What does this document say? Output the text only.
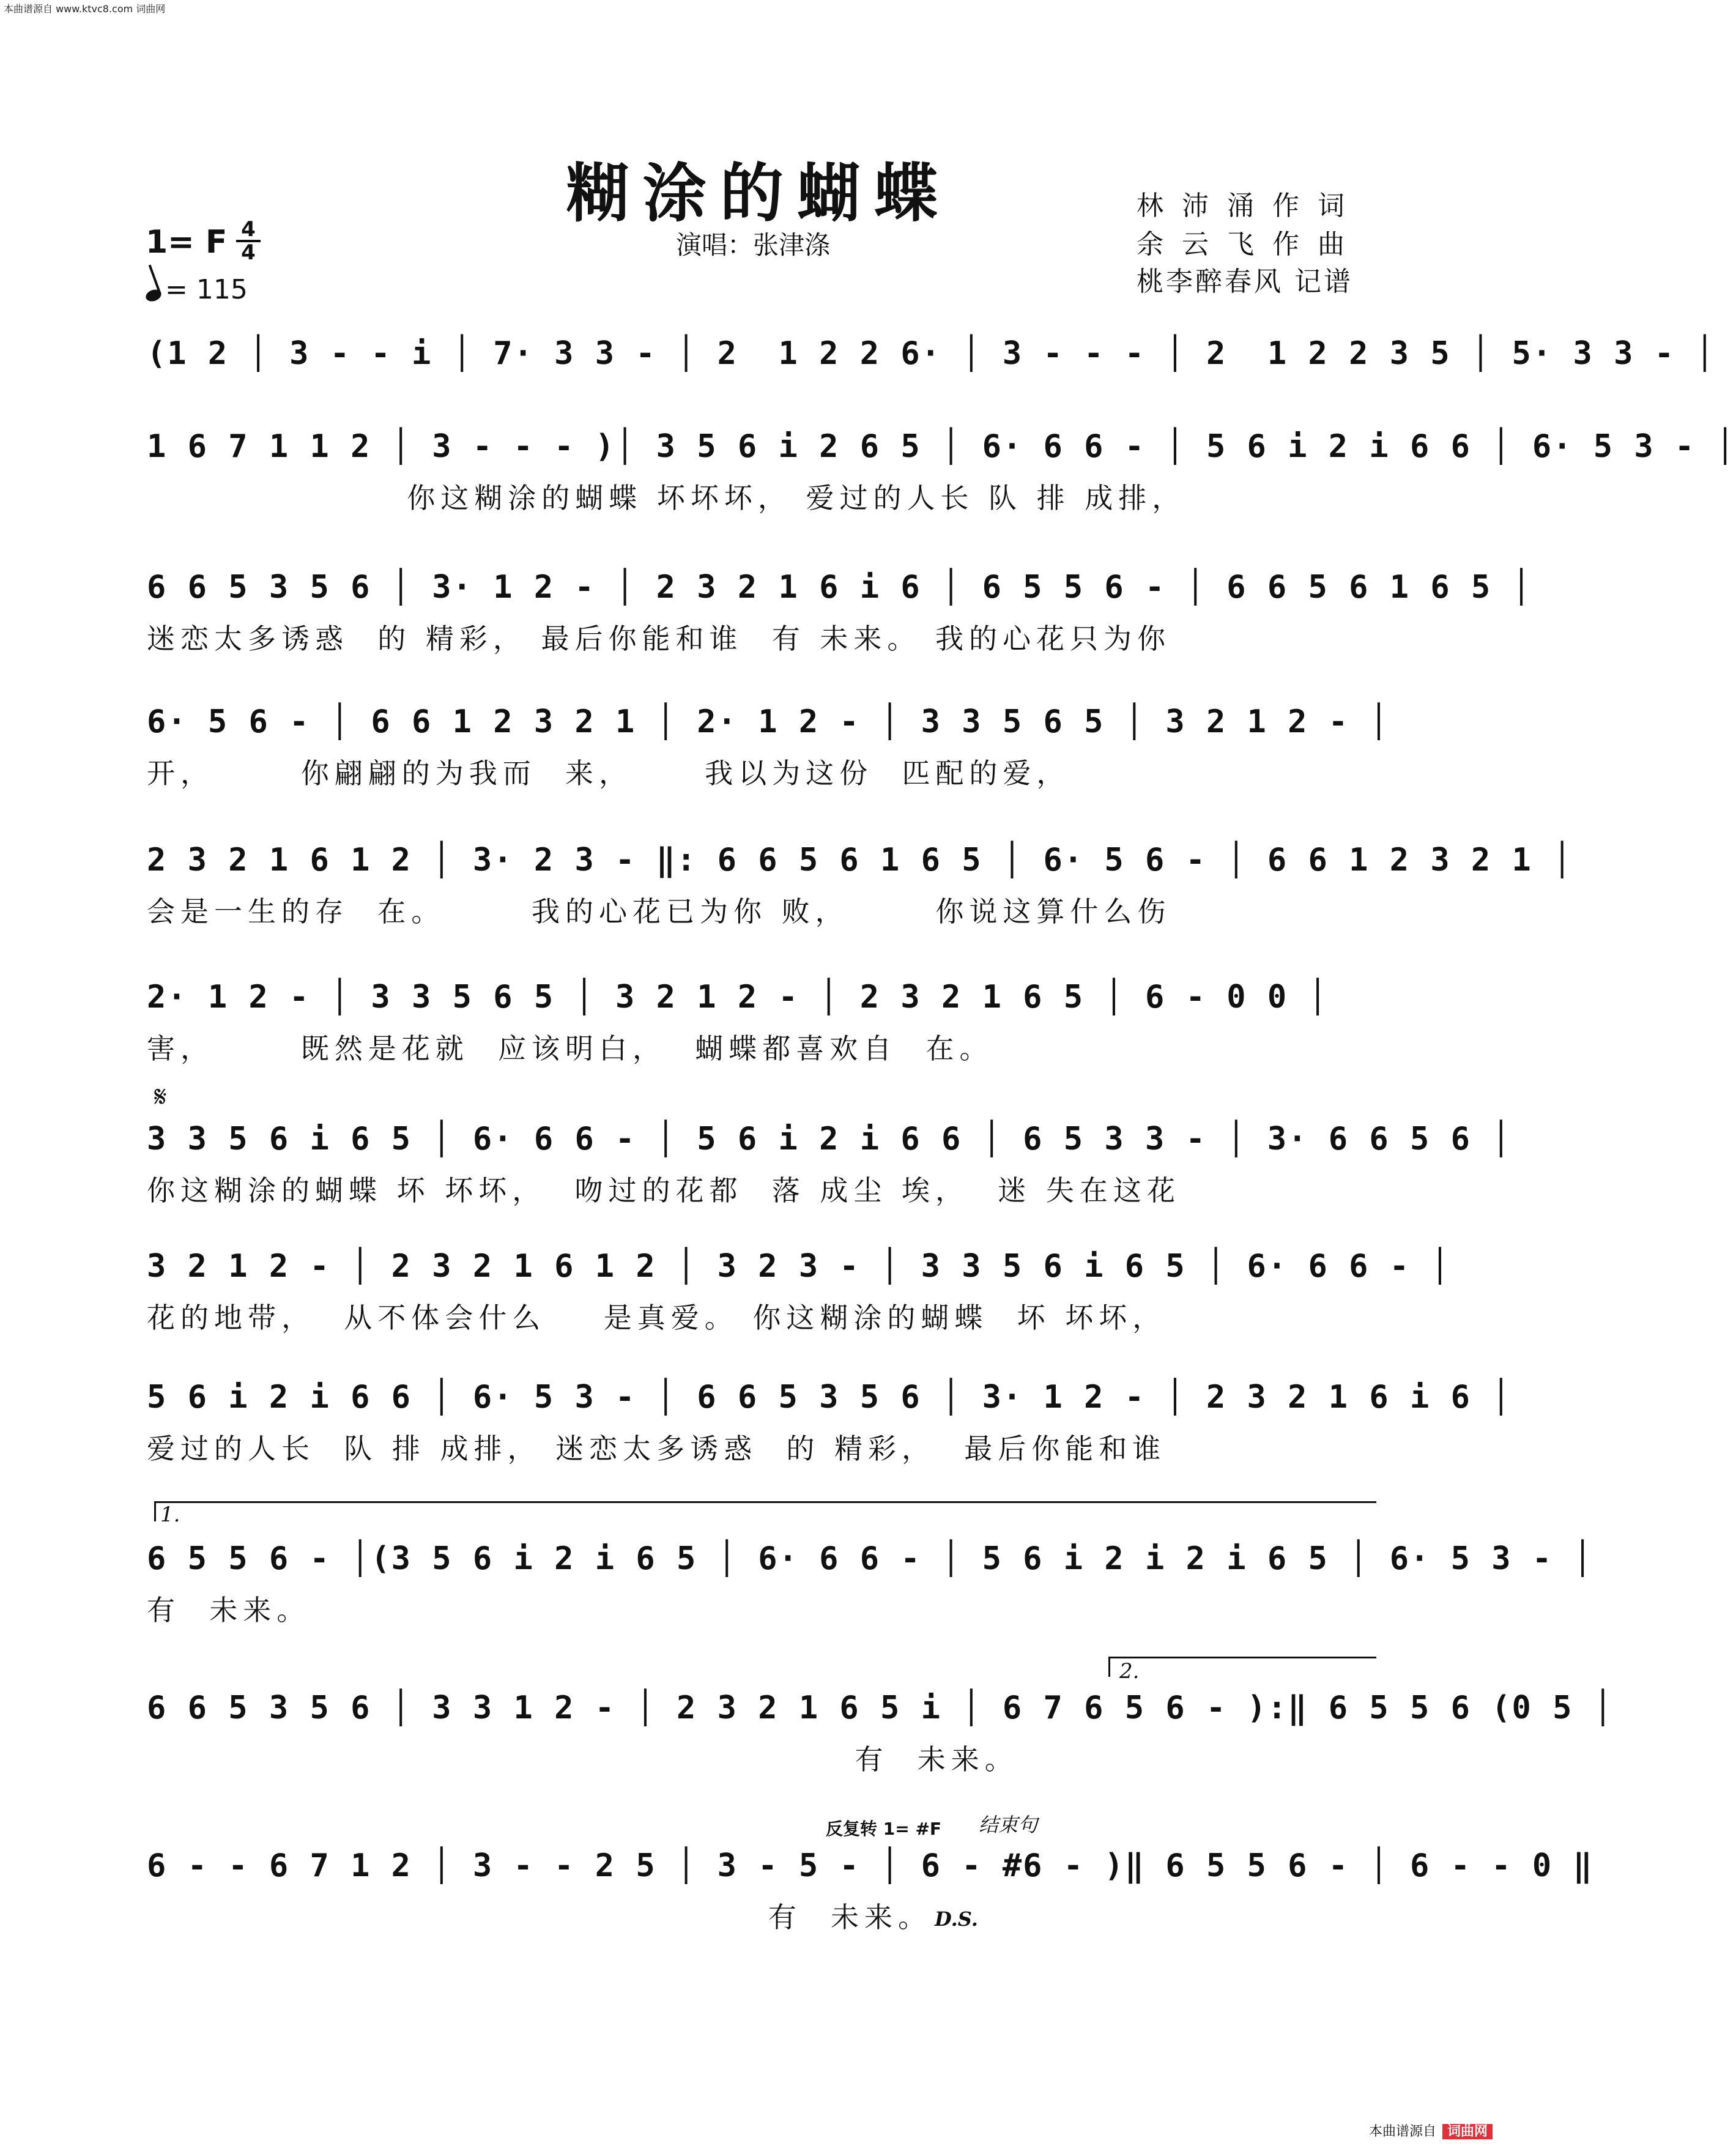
本曲谱源自 www.ktvc8.com 词曲网
糊涂的蝴蝶
演唱：张津涤
林沛涌作词
余云飞作曲
桃李醉春风 记谱
1= F $\frac{4}{4}$
= 115
(1 2 │ 3 - - i │ 7· 3 3 - │ 2  1 2 2 6· │ 3 - - - │ 2  1 2 2 3 5 │ 5· 3 3 - │
1 6 7 1 1 2 │ 3 - - - )│ 3 5 6 i 2 6 5 │ 6· 6 6 - │ 5 6 i 2 i 6 6 │ 6· 5 3 - │
你这糊涂的蝴蝶 坏坏坏， 爱过的人长 队 排 成排，
6 6 5 3 5 6 │ 3· 1 2 - │ 2 3 2 1 6 i 6 │ 6 5 5 6 - │ 6 6 5 6 1 6 5 │
迷恋太多诱惑  的 精彩， 最后你能和谁  有 未来。 我的心花只为你
6· 5 6 - │ 6 6 1 2 3 2 1 │ 2· 1 2 - │ 3 3 5 6 5 │ 3 2 1 2 - │
开，      你翩翩的为我而  来，     我以为这份  匹配的爱，
2 3 2 1 6 1 2 │ 3· 2 3 - ‖: 6 6 5 6 1 6 5 │ 6· 5 6 - │ 6 6 1 2 3 2 1 │
会是一生的存  在。      我的心花已为你 败，      你说这算什么伤
2· 1 2 - │ 3 3 5 6 5 │ 3 2 1 2 - │ 2 3 2 1 6 5 │ 6 - 0 0 │
害，      既然是花就  应该明白，  蝴蝶都喜欢自  在。
𝄋
3 3 5 6 i 6 5 │ 6· 6 6 - │ 5 6 i 2 i 6 6 │ 6 5 3 3 - │ 3· 6 6 5 6 │
你这糊涂的蝴蝶 坏 坏坏，  吻过的花都  落 成尘 埃，  迷 失在这花
3 2 1 2 - │ 2 3 2 1 6 1 2 │ 3 2 3 - │ 3 3 5 6 i 6 5 │ 6· 6 6 - │
花的地带，  从不体会什么    是真爱。 你这糊涂的蝴蝶  坏 坏坏，
5 6 i 2 i 6 6 │ 6· 5 3 - │ 6 6 5 3 5 6 │ 3· 1 2 - │ 2 3 2 1 6 i 6 │
爱过的人长  队 排 成排， 迷恋太多诱惑  的 精彩，  最后你能和谁
1.
6 5 5 6 - │(3 5 6 i 2 i 6 5 │ 6· 6 6 - │ 5 6 i 2 i 2 i 6 5 │ 6· 5 3 - │
有  未来。
2.
6 6 5 3 5 6 │ 3 3 1 2 - │ 2 3 2 1 6 5 i │ 6 7 6 5 6 - ):‖ 6 5 5 6 (0 5 │
有  未来。
反复转 1= #F 结束句
6 - - 6 7 1 2 │ 3 - - 2 5 │ 3 - 5 - │ 6 - #6 - )‖ 6 5 5 6 - │ 6 - - 0 ‖
有  未来。 D.S.
本曲谱源自 词曲网
